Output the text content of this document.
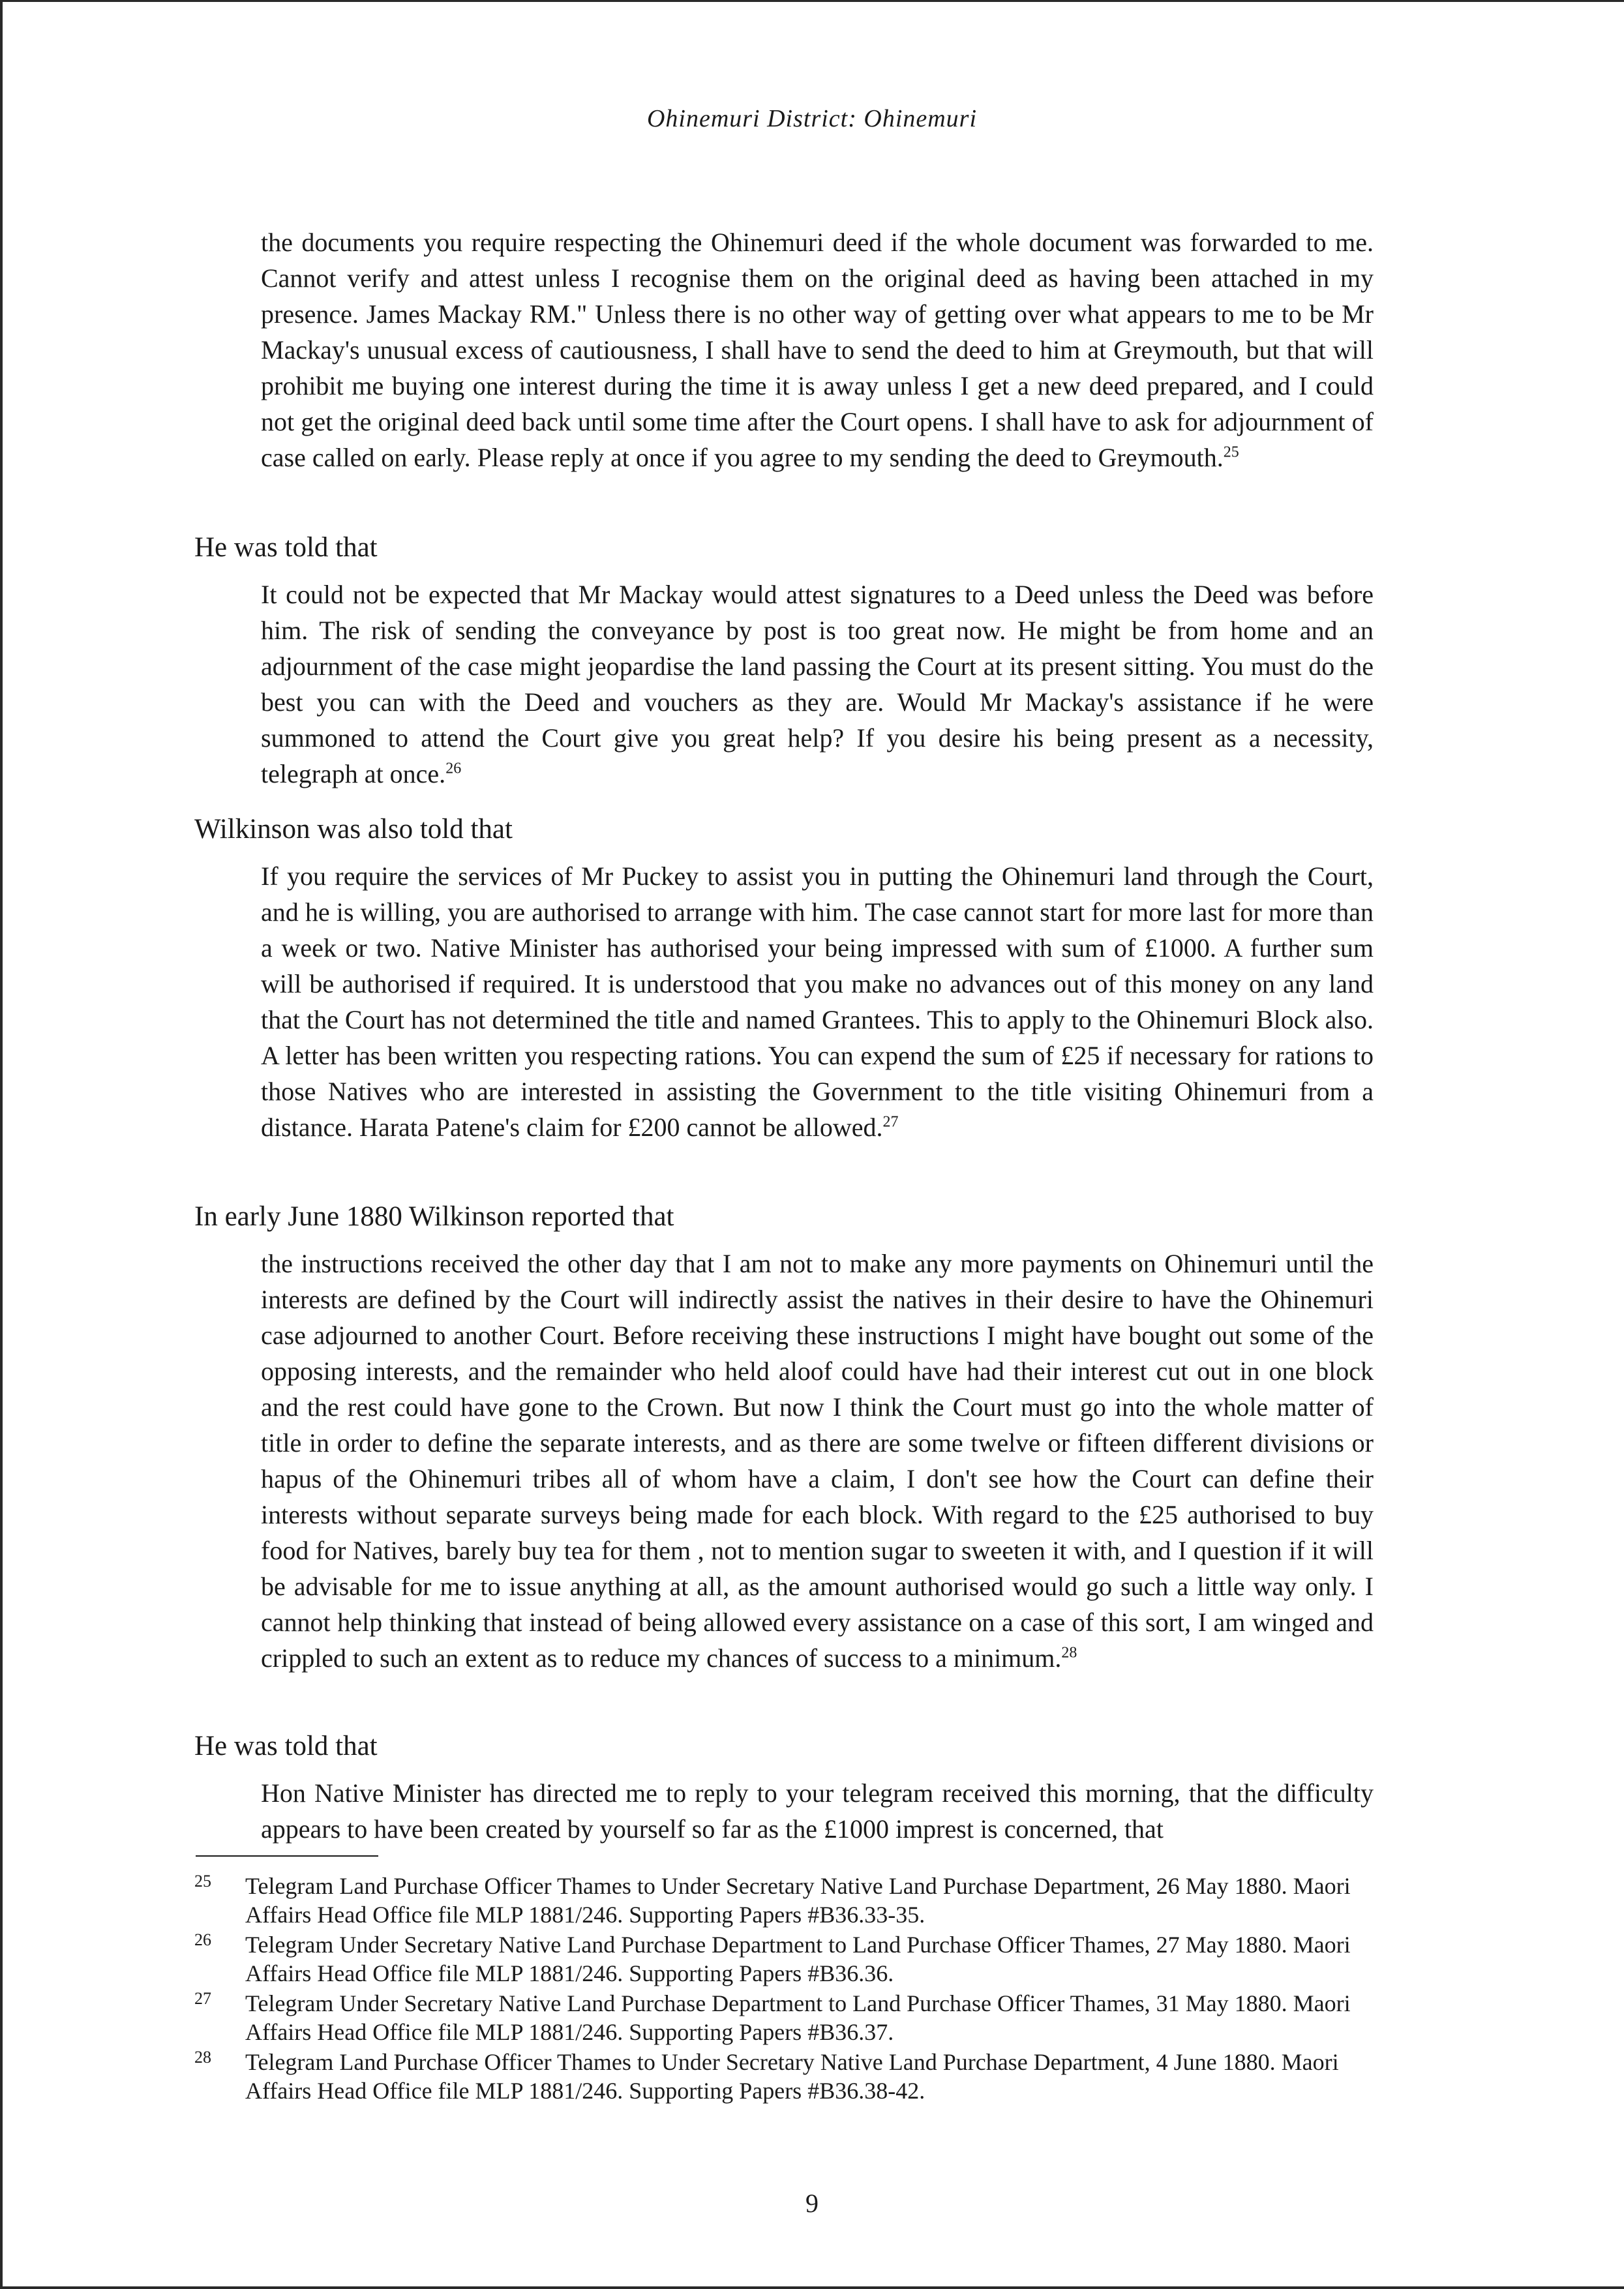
Ohinemuri District: Ohinemuri

the documents you require respecting the Ohinemuri deed if the whole document was forwarded to me. Cannot verify and attest unless I recognise them on the original deed as having been attached in my presence. James Mackay RM." Unless there is no other way of getting over what appears to me to be Mr Mackay's unusual excess of cautiousness, I shall have to send the deed to him at Greymouth, but that will prohibit me buying one interest during the time it is away unless I get a new deed prepared, and I could not get the original deed back until some time after the Court opens. I shall have to ask for adjournment of case called on early. Please reply at once if you agree to my sending the deed to Greymouth.$^{25}$

He was told that

It could not be expected that Mr Mackay would attest signatures to a Deed unless the Deed was before him. The risk of sending the conveyance by post is too great now. He might be from home and an adjournment of the case might jeopardise the land passing the Court at its present sitting. You must do the best you can with the Deed and vouchers as they are. Would Mr Mackay's assistance if he were summoned to attend the Court give you great help? If you desire his being present as a necessity, telegraph at once.$^{26}$

Wilkinson was also told that

If you require the services of Mr Puckey to assist you in putting the Ohinemuri land through the Court, and he is willing, you are authorised to arrange with him. The case cannot start for more last for more than a week or two. Native Minister has authorised your being impressed with sum of £1000. A further sum will be authorised if required. It is understood that you make no advances out of this money on any land that the Court has not determined the title and named Grantees. This to apply to the Ohinemuri Block also. A letter has been written you respecting rations. You can expend the sum of £25 if necessary for rations to those Natives who are interested in assisting the Government to the title visiting Ohinemuri from a distance. Harata Patene's claim for £200 cannot be allowed.$^{27}$

In early June 1880 Wilkinson reported that

the instructions received the other day that I am not to make any more payments on Ohinemuri until the interests are defined by the Court will indirectly assist the natives in their desire to have the Ohinemuri case adjourned to another Court. Before receiving these instructions I might have bought out some of the opposing interests, and the remainder who held aloof could have had their interest cut out in one block and the rest could have gone to the Crown. But now I think the Court must go into the whole matter of title in order to define the separate interests, and as there are some twelve or fifteen different divisions or hapus of the Ohinemuri tribes all of whom have a claim, I don't see how the Court can define their interests without separate surveys being made for each block. With regard to the £25 authorised to buy food for Natives, barely buy tea for them , not to mention sugar to sweeten it with, and I question if it will be advisable for me to issue anything at all, as the amount authorised would go such a little way only. I cannot help thinking that instead of being allowed every assistance on a case of this sort, I am winged and crippled to such an extent as to reduce my chances of success to a minimum.$^{28}$

He was told that

Hon Native Minister has directed me to reply to your telegram received this morning, that the difficulty appears to have been created by yourself so far as the £1000 imprest is concerned, that

25 Telegram Land Purchase Officer Thames to Under Secretary Native Land Purchase Department, 26 May 1880. Maori Affairs Head Office file MLP 1881/246. Supporting Papers #B36.33-35.
26 Telegram Under Secretary Native Land Purchase Department to Land Purchase Officer Thames, 27 May 1880. Maori Affairs Head Office file MLP 1881/246. Supporting Papers #B36.36.
27 Telegram Under Secretary Native Land Purchase Department to Land Purchase Officer Thames, 31 May 1880. Maori Affairs Head Office file MLP 1881/246. Supporting Papers #B36.37.
28 Telegram Land Purchase Officer Thames to Under Secretary Native Land Purchase Department, 4 June 1880. Maori Affairs Head Office file MLP 1881/246. Supporting Papers #B36.38-42.

9
